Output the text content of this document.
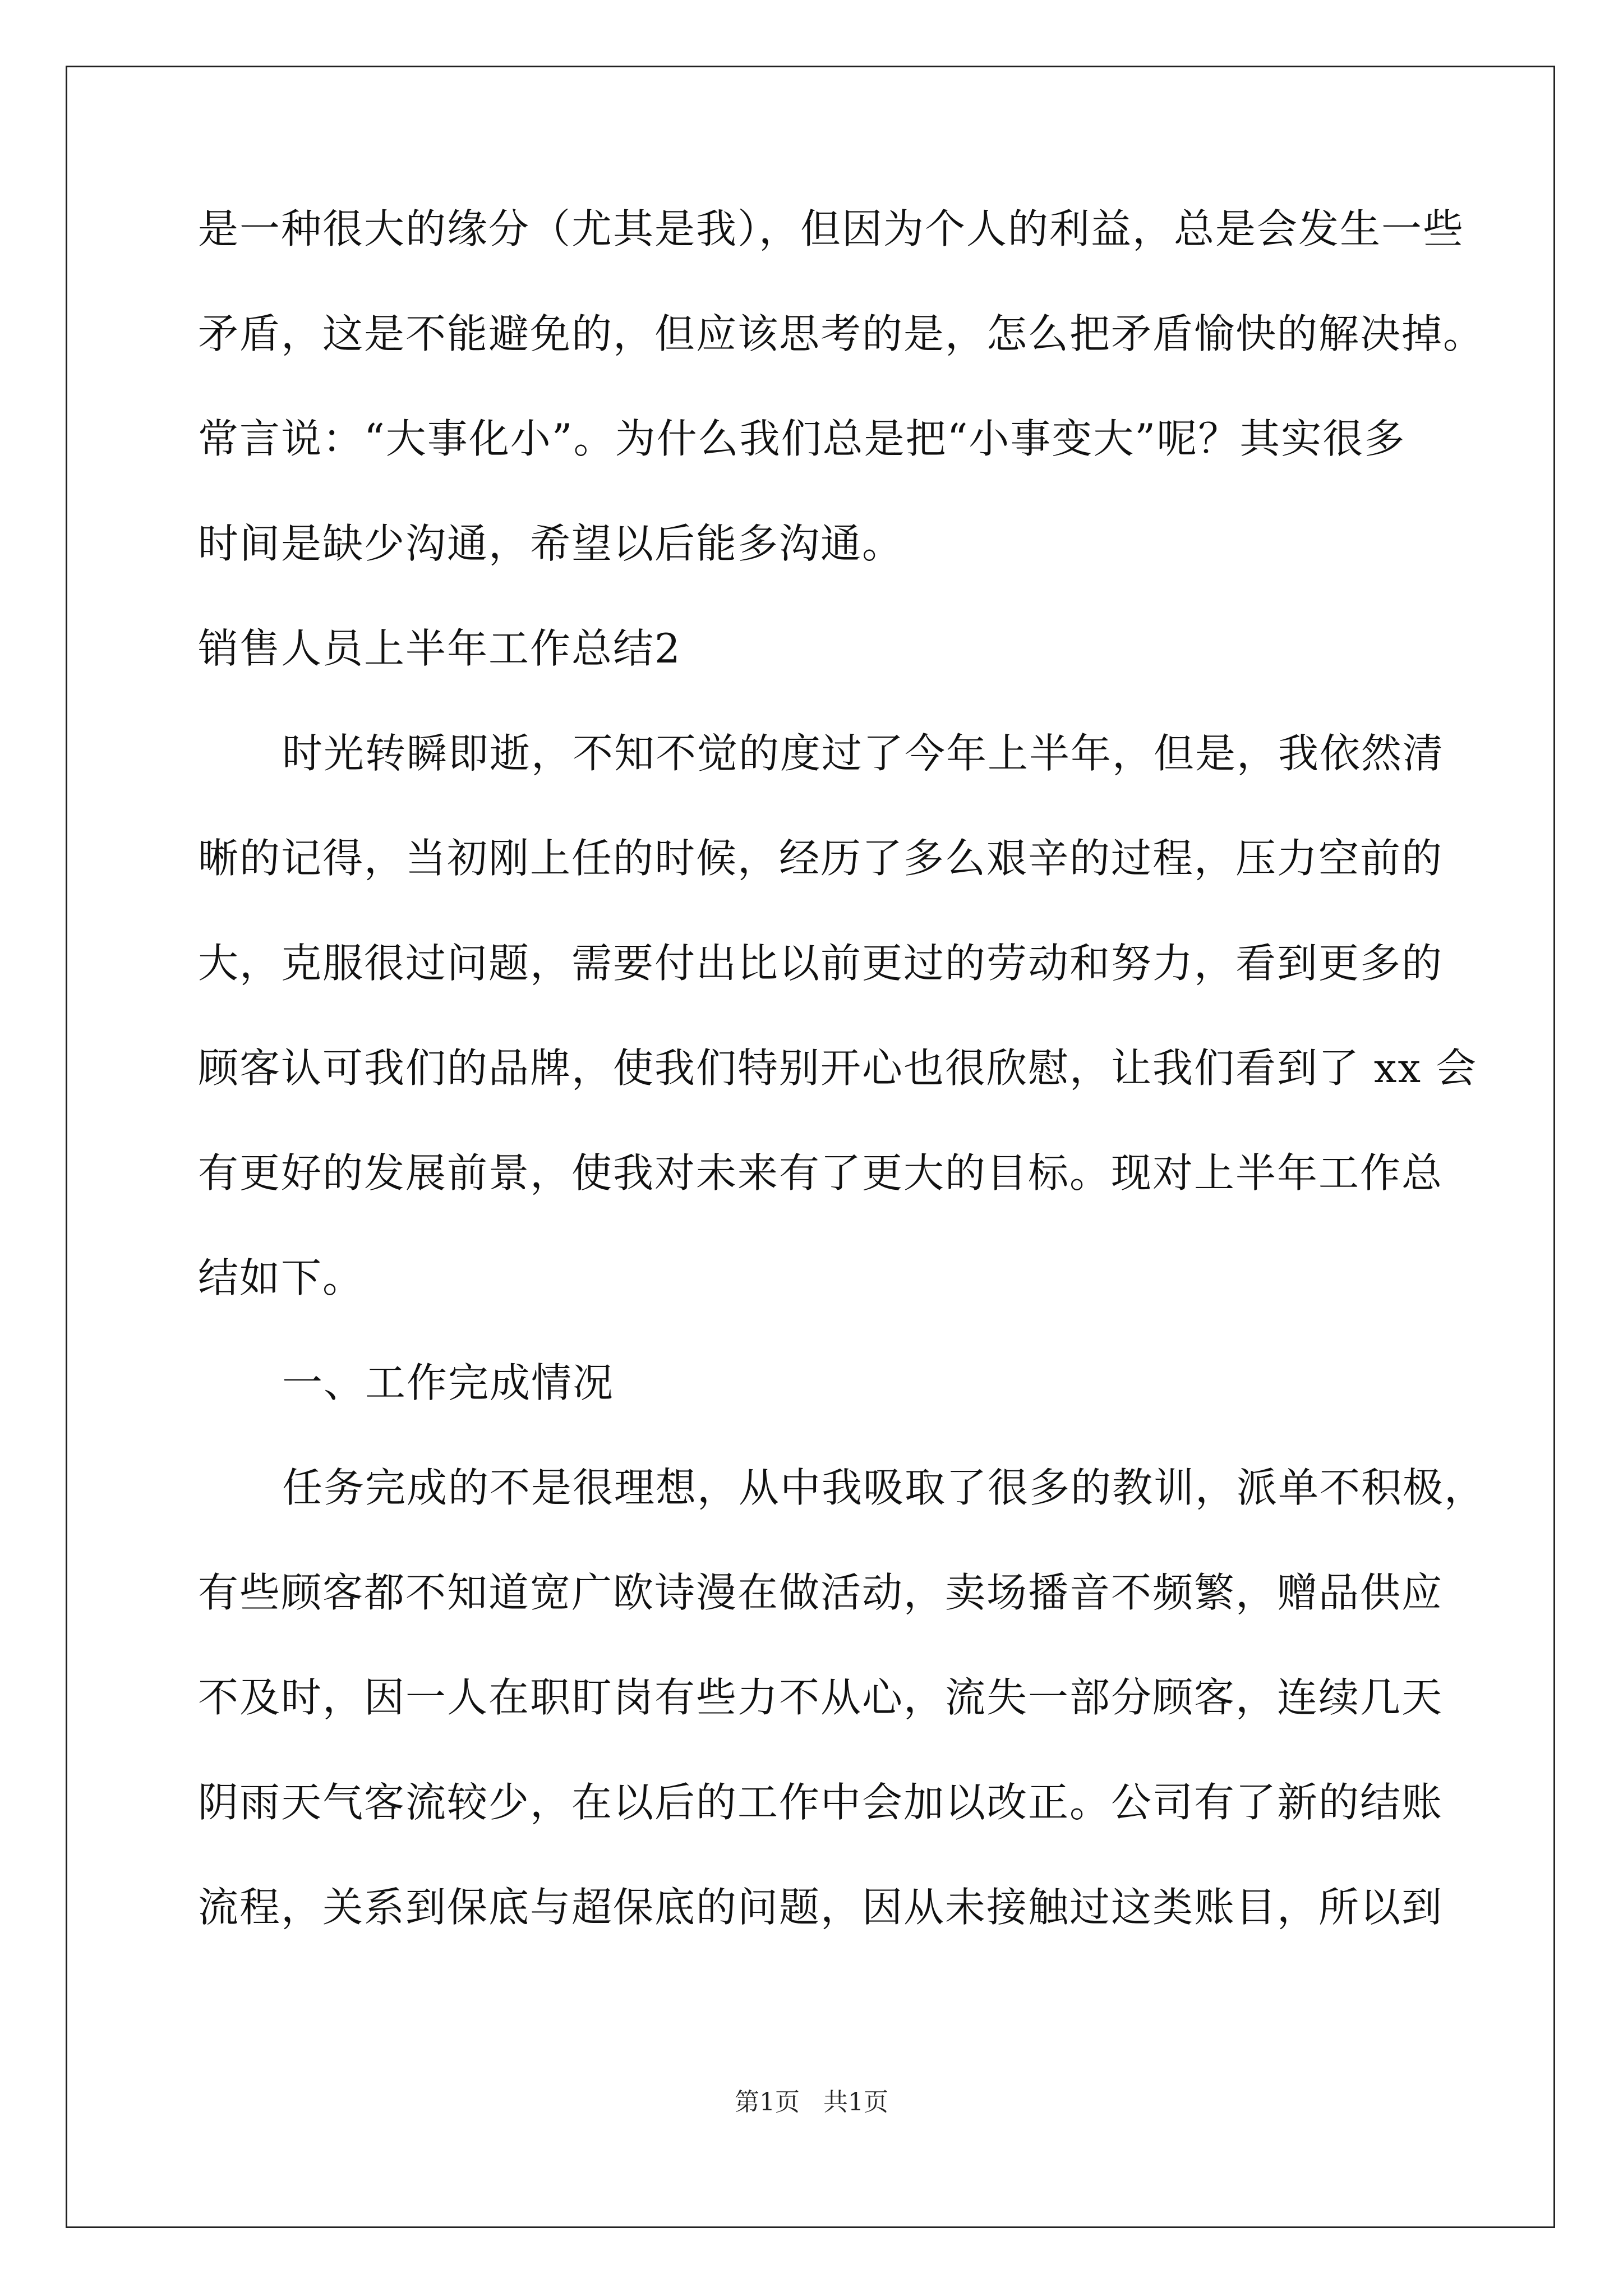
是一种很大的缘分（尤其是我），但因为个人的利益，总是会发生一些
矛盾，这是不能避免的，但应该思考的是，怎么把矛盾愉快的解决掉。
常言说：“大事化小”。为什么我们总是把“小事变大”呢？其实很多
时间是缺少沟通，希望以后能多沟通。
销售人员上半年工作总结2
时光转瞬即逝，不知不觉的度过了今年上半年，但是，我依然清
晰的记得，当初刚上任的时候，经历了多么艰辛的过程，压力空前的
大，克服很过问题，需要付出比以前更过的劳动和努力，看到更多的
顾客认可我们的品牌，使我们特别开心也很欣慰，让我们看到了 xx 会
有更好的发展前景，使我对未来有了更大的目标。现对上半年工作总
结如下。
一、工作完成情况
任务完成的不是很理想，从中我吸取了很多的教训，派单不积极，
有些顾客都不知道宽广欧诗漫在做活动，卖场播音不频繁，赠品供应
不及时，因一人在职盯岗有些力不从心，流失一部分顾客，连续几天
阴雨天气客流较少，在以后的工作中会加以改正。公司有了新的结账
流程，关系到保底与超保底的问题，因从未接触过这类账目，所以到
第1页 共1页
